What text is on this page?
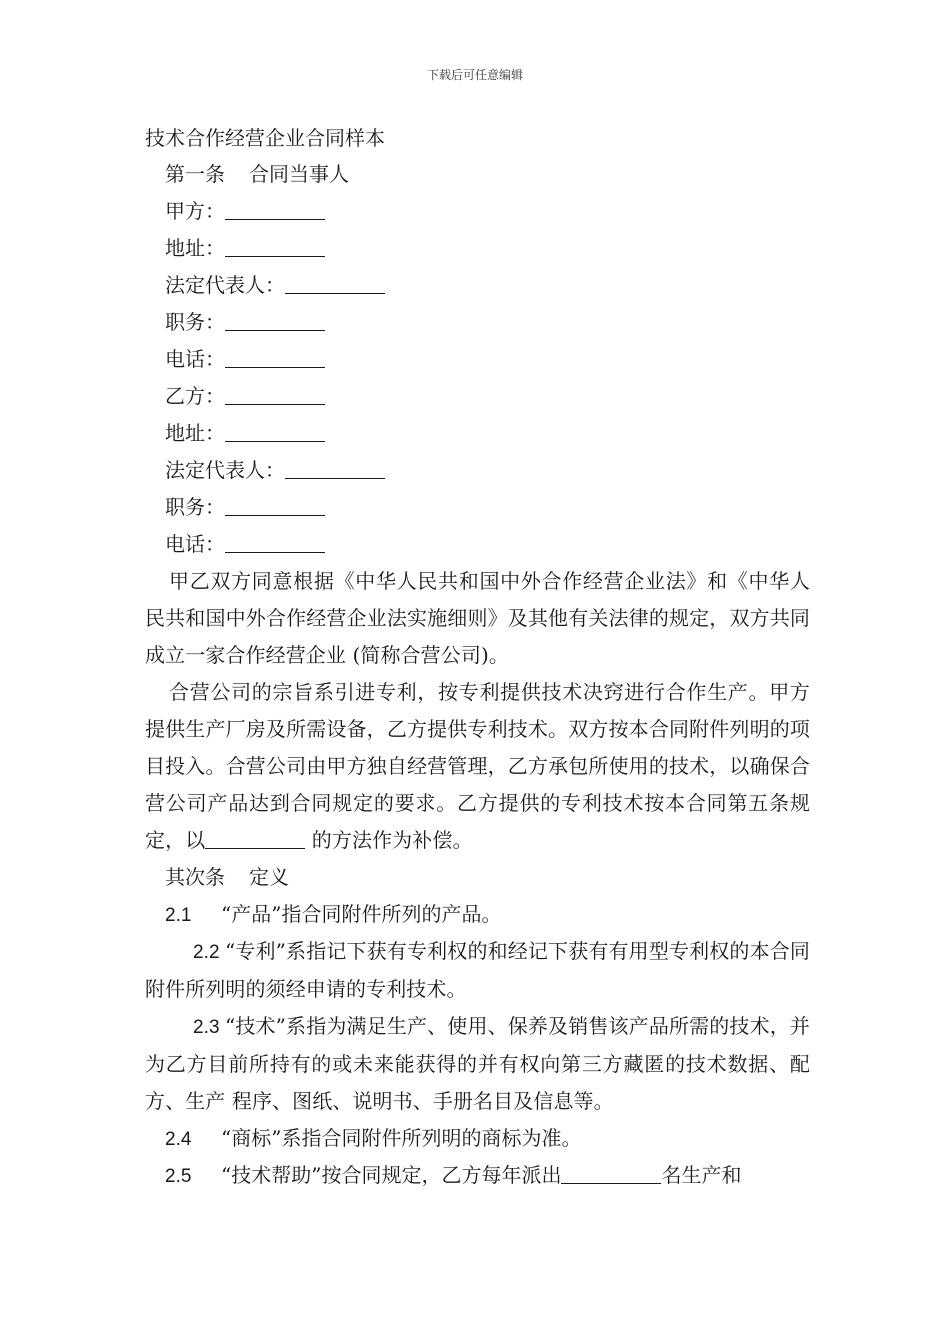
下载后可任意编辑
技术合作经营企业合同样本
第一条 合同当事人
甲方：
地址：
法定代表人：
职务：
电话：
乙方：
地址：
法定代表人：
职务：
电话：

甲乙双方同意根据《中华人民共和国中外合作经营企业法》和《中华人民共和国中外合作经营企业法实施细则》及其他有关法律的规定，双方共同成立一家合作经营企业 (简称合营公司)。

合营公司的宗旨系引进专利，按专利提供技术决窍进行合作生产。甲方提供生产厂房及所需设备，乙方提供专利技术。双方按本合同附件列明的项目投入。合营公司由甲方独自经营管理，乙方承包所使用的技术，以确保合营公司产品达到合同规定的要求。乙方提供的专利技术按本合同第五条规定，以	的方法作为补偿。

其次条 定义
2.1 “产品”指合同附件所列的产品。

2.2 “专利”系指记下获有专利权的和经记下获有有用型专利权的本合同附件所列明的须经申请的专利技术。

2.3 “技术”系指为满足生产、使用、保养及销售该产品所需的技术，并为乙方目前所持有的或未来能获得的并有权向第三方藏匿的技术数据、配方、生产 程序、图纸、说明书、手册名目及信息等。

2.4 “商标”系指合同附件所列明的商标为准。
2.5 “技术帮助”按合同规定，乙方每年派出	名生产和
